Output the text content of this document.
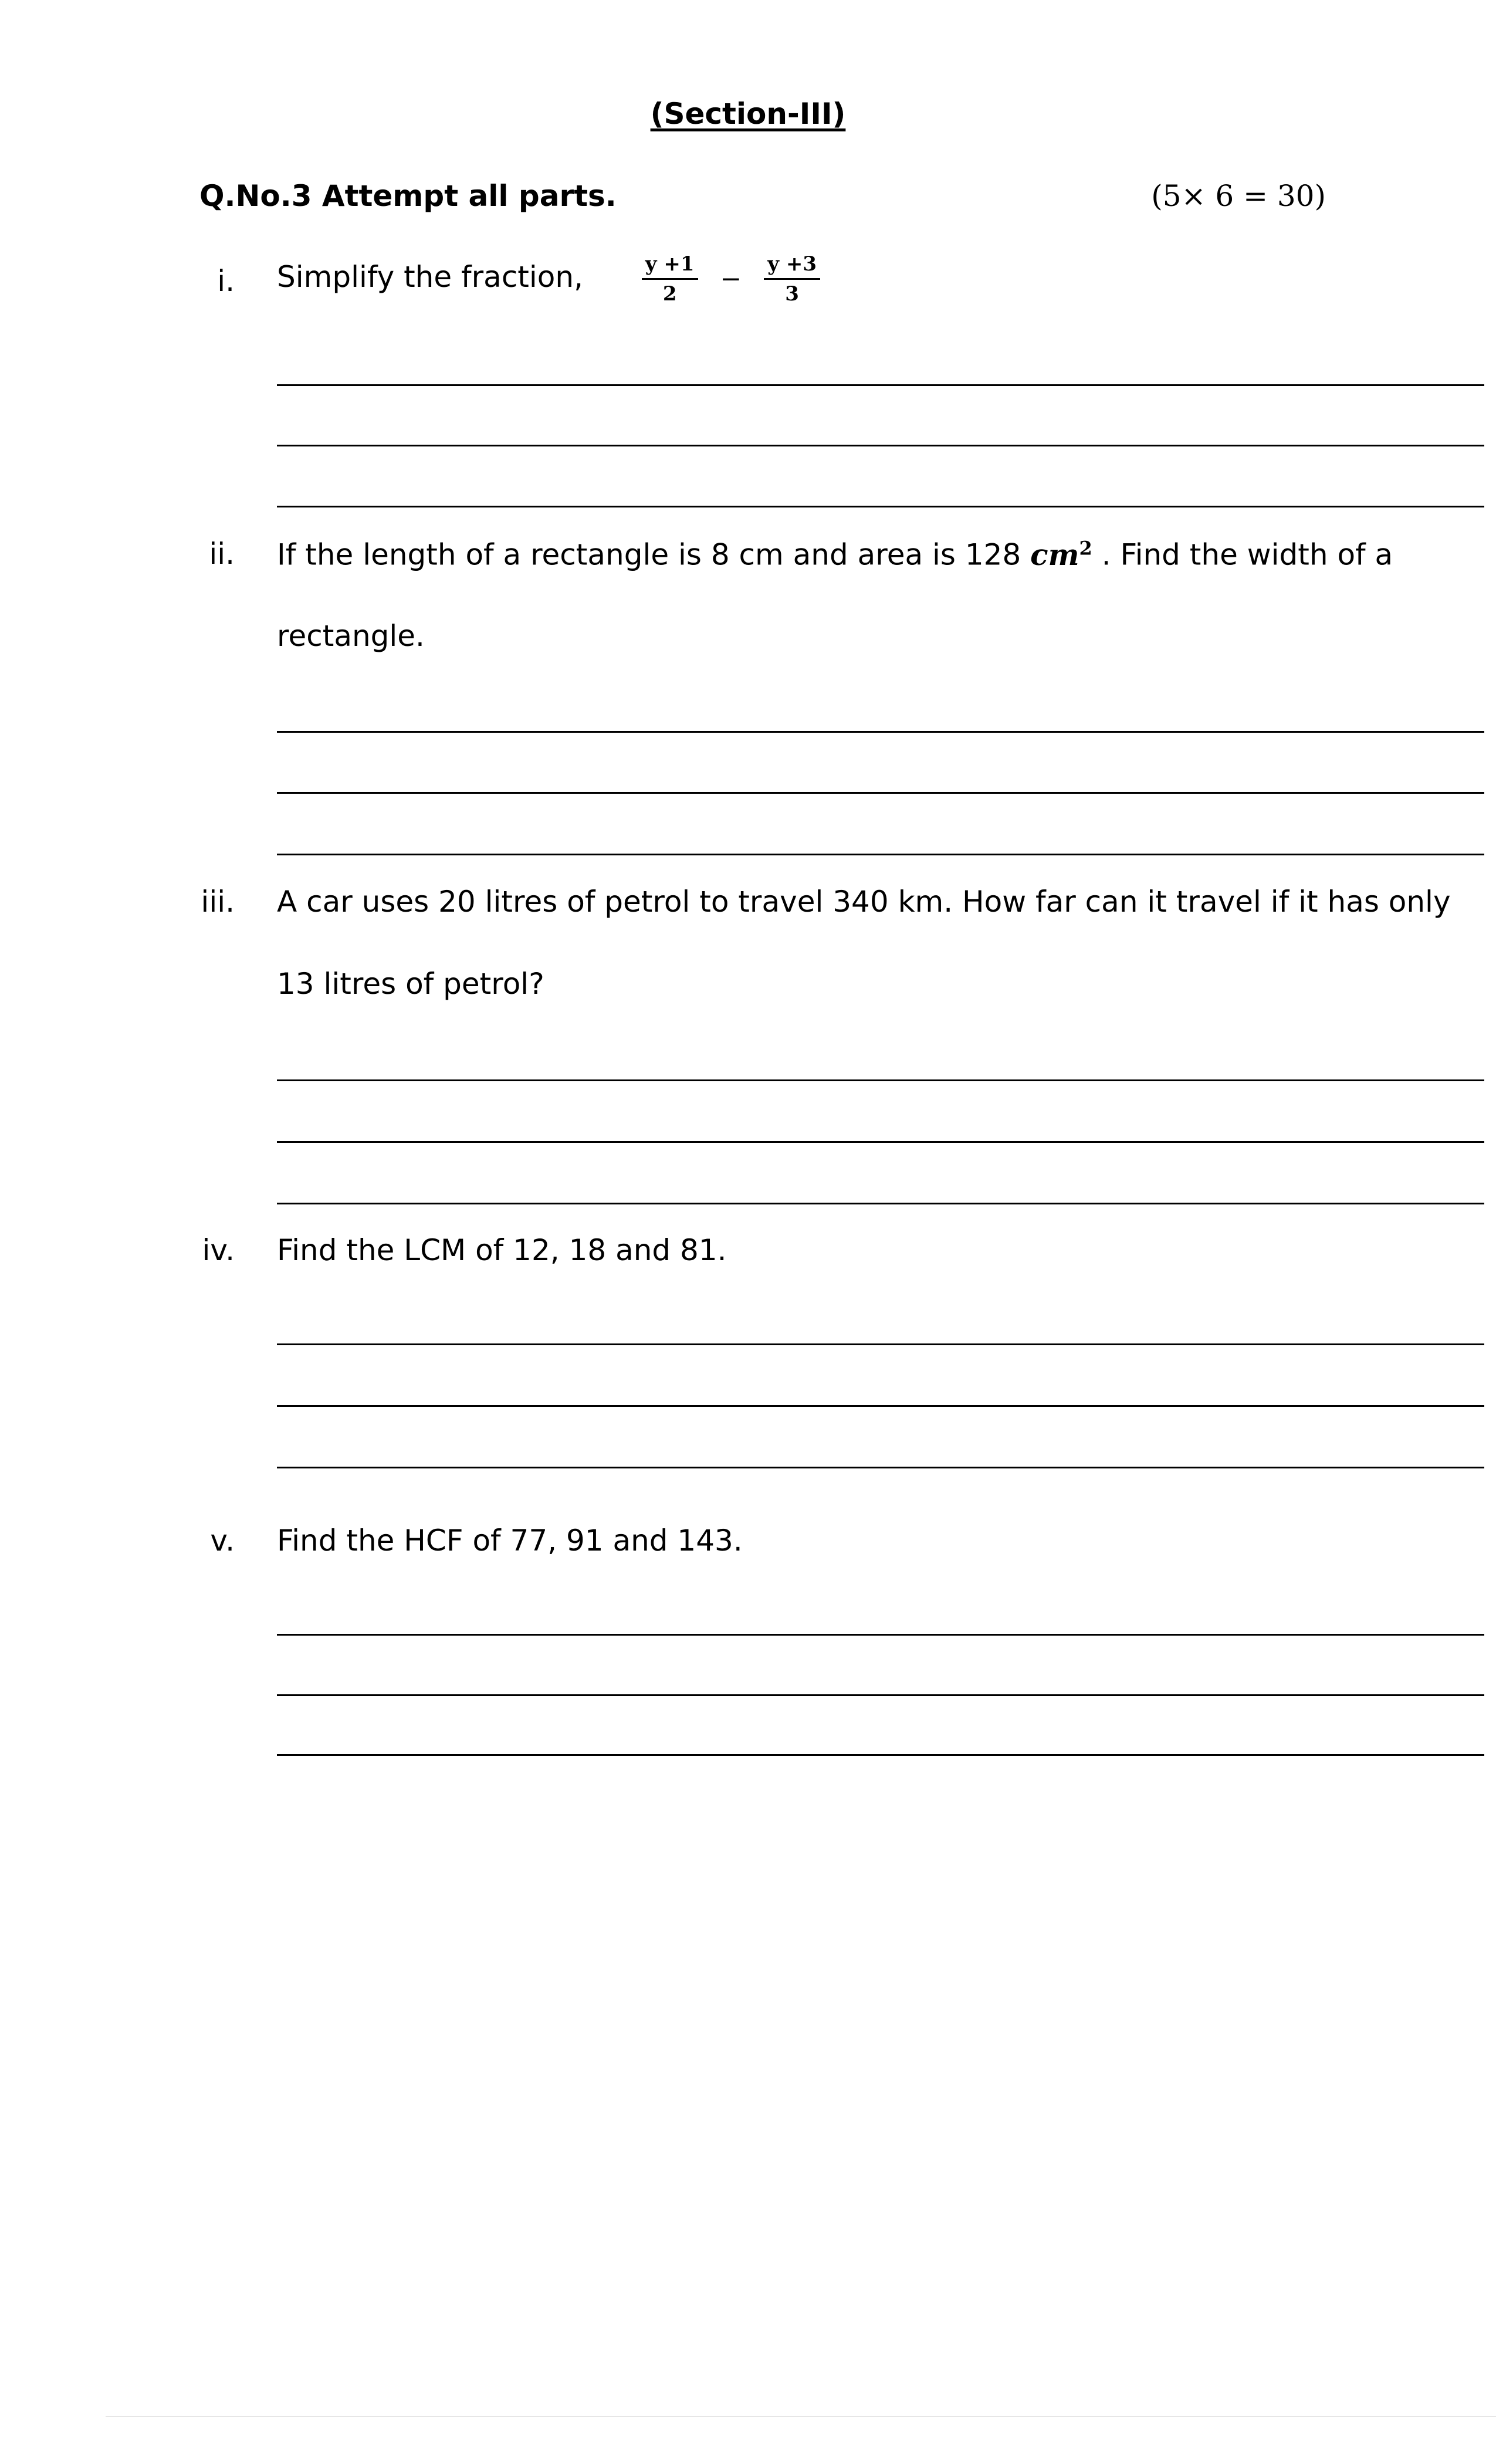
(Section-III)
Q.No.3 Attempt all parts.	(5× 6 = 30)
i. Simplify the fraction,	$\frac{y +1}{2} - \frac{y +3}{3}$
ii. If the length of a rectangle is 8 cm and area is 128 $cm^2$ . Find the width of a
rectangle.
iii. A car uses 20 litres of petrol to travel 340 km. How far can it travel if it has only
13 litres of petrol?
iv. Find the LCM of 12, 18 and 81.
v. Find the HCF of 77, 91 and 143.
